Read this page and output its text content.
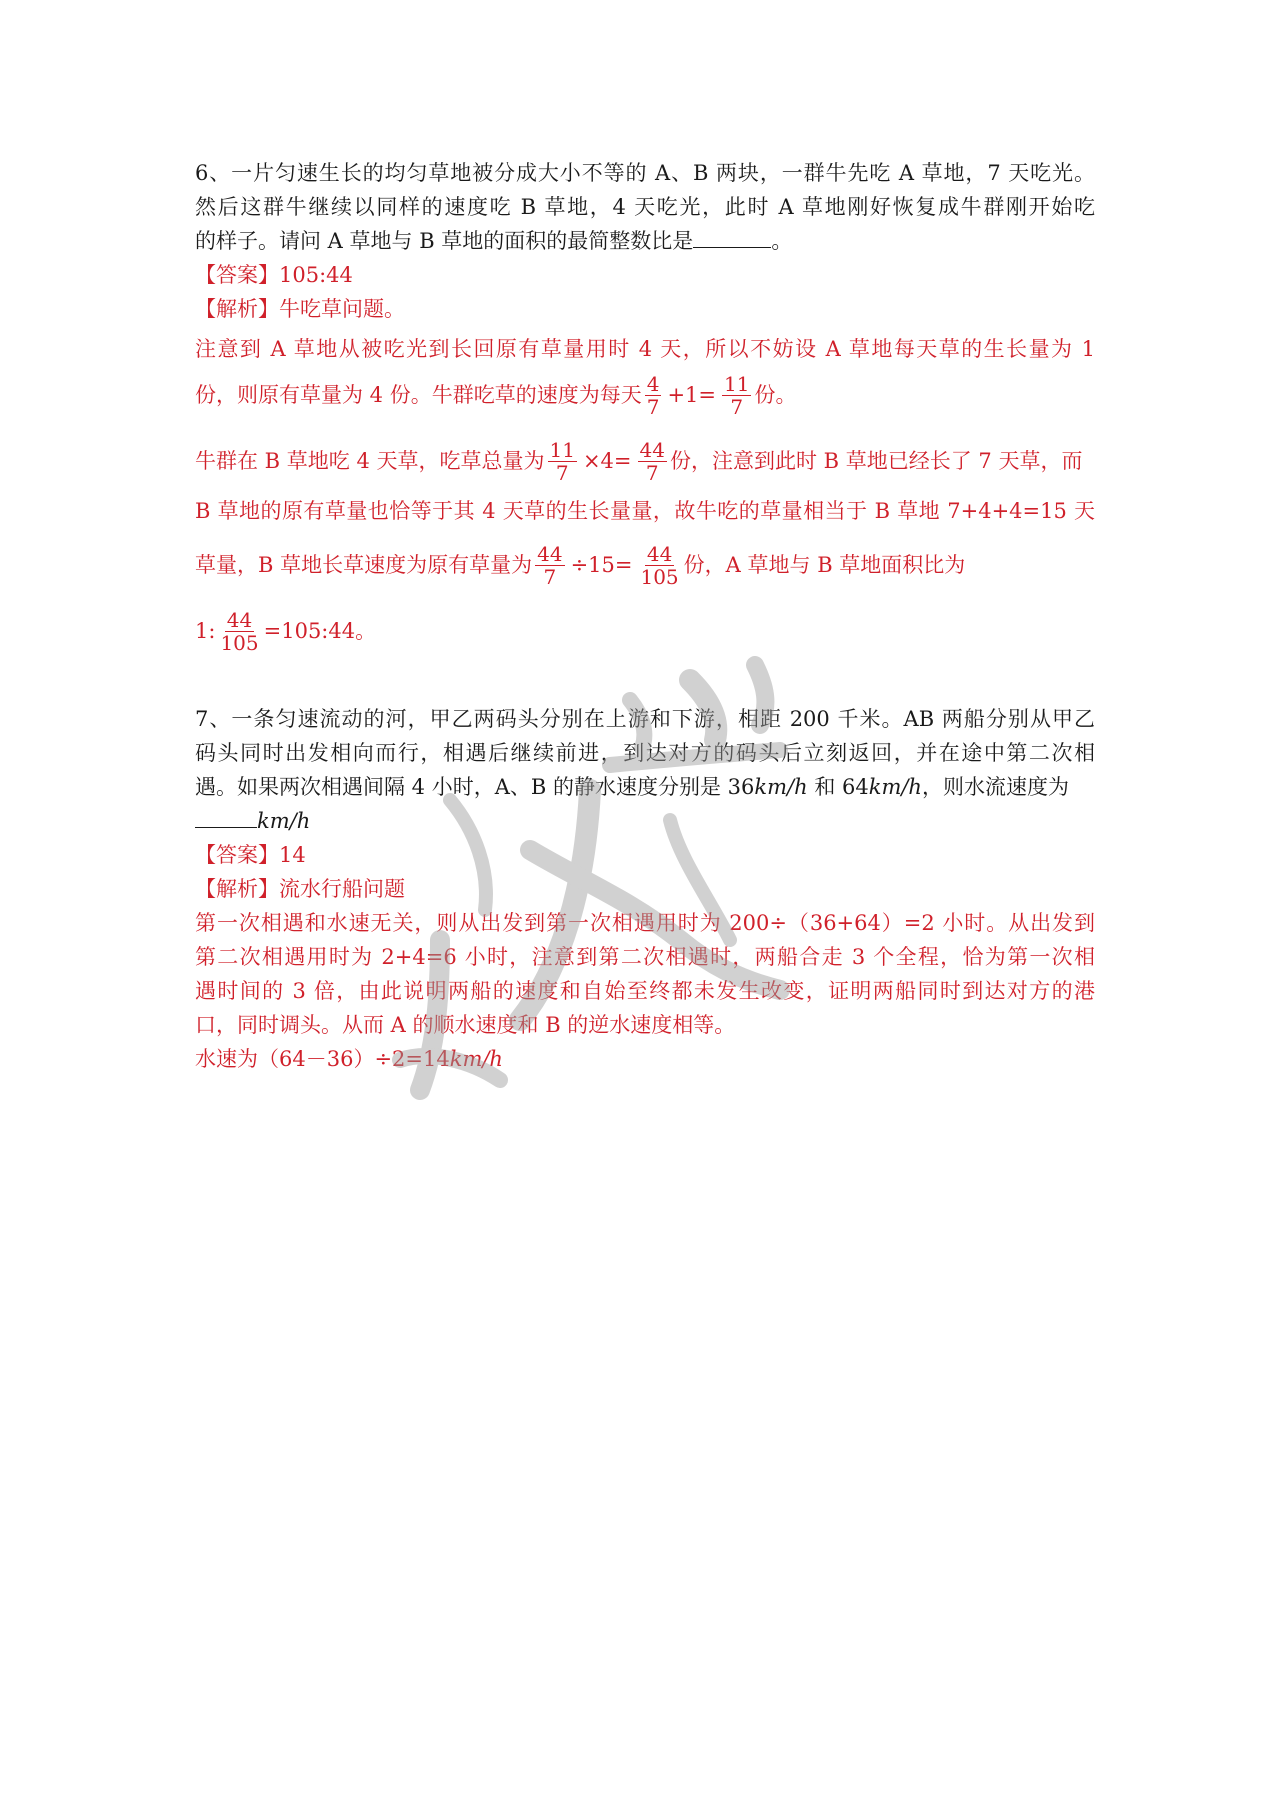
6、一片匀速生长的均匀草地被分成大小不等的 A、B 两块，一群牛先吃 A 草地，7 天吃光。

然后这群牛继续以同样的速度吃 B 草地，4 天吃光，此时 A 草地刚好恢复成牛群刚开始吃

的样子。请问 A 草地与 B 草地的面积的最简整数比是	。

【答案】105:44

【解析】牛吃草问题。

注意到 A 草地从被吃光到长回原有草量用时 4 天，所以不妨设 A 草地每天草的生长量为 1

份，则原有草量为 4 份。牛群吃草的速度为每天 $\frac{4}{7} +1= \frac{11}{7}$ 份。
牛群在 B 草地吃 4 天草，吃草总量为 $\frac{11}{7} \times 4= \frac{44}{7}$ 份，注意到此时 B 草地已经长了 7 天草，而

B 草地的原有草量也恰等于其 4 天草的生长量量，故牛吃的草量相当于 B 草地 7+4+4=15 天

草量，B 草地长草速度为原有草量为 $\frac{44}{7} \div 15= \frac{44}{105}$ 份，A 草地与 B 草地面积比为
1: $\frac{44}{105}$ =105:44。

7、一条匀速流动的河，甲乙两码头分别在上游和下游，相距 200 千米。AB 两船分别从甲乙

码头同时出发相向而行，相遇后继续前进，到达对方的码头后立刻返回，并在途中第二次相

遇。如果两次相遇间隔 4 小时，A、B 的静水速度分别是 36km/h 和 64km/h，则水流速度为

km/h

【答案】14

【解析】流水行船问题

第一次相遇和水速无关，则从出发到第一次相遇用时为 200÷（36+64）=2 小时。从出发到

第二次相遇用时为 2+4=6 小时，注意到第二次相遇时，两船合走 3 个全程，恰为第一次相

遇时间的 3 倍，由此说明两船的速度和自始至终都未发生改变，证明两船同时到达对方的港

口，同时调头。从而 A 的顺水速度和 B 的逆水速度相等。

水速为（64－36）÷2=14km/h
